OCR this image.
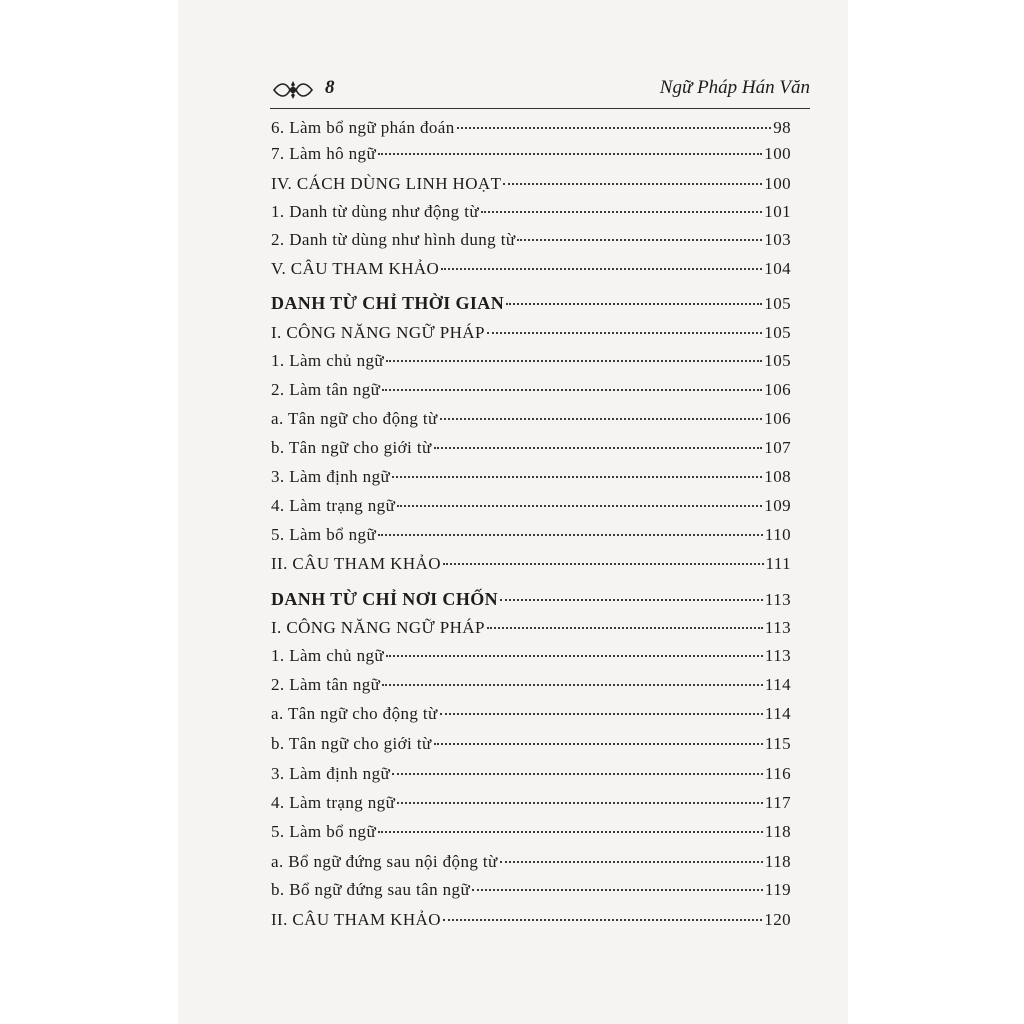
8	Ngữ Pháp Hán Văn
6. Làm bổ ngữ phán đoán	98
7. Làm hô ngữ	100
IV. CÁCH DÙNG LINH HOẠT	100
1. Danh từ dùng như động từ	101
2. Danh từ dùng như hình dung từ	103
V. CÂU THAM KHẢO	104
DANH TỪ CHỈ THỜI GIAN	105
I. CÔNG NĂNG NGỮ PHÁP	105
1. Làm chủ ngữ	105
2. Làm tân ngữ	106
a. Tân ngữ cho động từ	106
b. Tân ngữ cho giới từ	107
3. Làm định ngữ	108
4. Làm trạng ngữ	109
5. Làm bổ ngữ	110
II. CÂU THAM KHẢO	111
DANH TỪ CHỈ NƠI CHỐN	113
I. CÔNG NĂNG NGỮ PHÁP	113
1. Làm chủ ngữ	113
2. Làm tân ngữ	114
a. Tân ngữ cho động từ	114
b. Tân ngữ cho giới từ	115
3. Làm định ngữ	116
4. Làm trạng ngữ	117
5. Làm bổ ngữ	118
a. Bổ ngữ đứng sau nội động từ	118
b. Bổ ngữ đứng sau tân ngữ	119
II. CÂU THAM KHẢO	120
